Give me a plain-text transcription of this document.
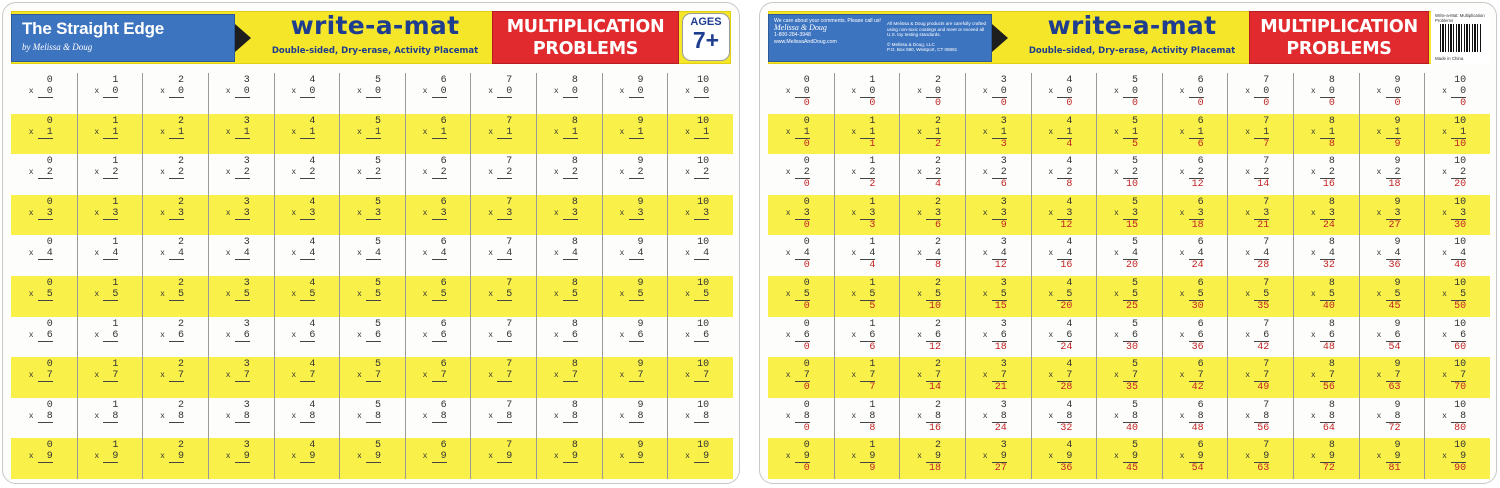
The Straight Edge
by Melissa & Doug
write-a-mat
Double-sided, Dry-erase, Activity Placemat
MULTIPLICATION
PROBLEMS
AGES
7+
0
x 0
1
x 0
2
x 0
3
x 0
4
x 0
5
x 0
6
x 0
7
x 0
8
x 0
9
x 0
10
x 0
0
x 1
1
x 1
2
x 1
3
x 1
4
x 1
5
x 1
6
x 1
7
x 1
8
x 1
9
x 1
10
x 1
0
x 2
1
x 2
2
x 2
3
x 2
4
x 2
5
x 2
6
x 2
7
x 2
8
x 2
9
x 2
10
x 2
0
x 3
1
x 3
2
x 3
3
x 3
4
x 3
5
x 3
6
x 3
7
x 3
8
x 3
9
x 3
10
x 3
0
x 4
1
x 4
2
x 4
3
x 4
4
x 4
5
x 4
6
x 4
7
x 4
8
x 4
9
x 4
10
x 4
0
x 5
1
x 5
2
x 5
3
x 5
4
x 5
5
x 5
6
x 5
7
x 5
8
x 5
9
x 5
10
x 5
0
x 6
1
x 6
2
x 6
3
x 6
4
x 6
5
x 6
6
x 6
7
x 6
8
x 6
9
x 6
10
x 6
0
x 7
1
x 7
2
x 7
3
x 7
4
x 7
5
x 7
6
x 7
7
x 7
8
x 7
9
x 7
10
x 7
0
x 8
1
x 8
2
x 8
3
x 8
4
x 8
5
x 8
6
x 8
7
x 8
8
x 8
9
x 8
10
x 8
0
x 9
1
x 9
2
x 9
3
x 9
4
x 9
5
x 9
6
x 9
7
x 9
8
x 9
9
x 9
10
x 9
We care about your comments. Please call us!
Melissa & Doug
1-800-284-3948
www.MelissaAndDoug.com
All Melissa & Doug products are carefully crafted using non-toxic coatings and meet or exceed all U.S. toy testing standards.
© Melissa & Doug, LLC
P.O. Box 590, Westport, CT 06881
write-a-mat
Double-sided, Dry-erase, Activity Placemat
MULTIPLICATION
PROBLEMS
Write-a-Mat: Multiplication Problems
Made in China
0
x 0
0
1
x 0
0
2
x 0
0
3
x 0
0
4
x 0
0
5
x 0
0
6
x 0
0
7
x 0
0
8
x 0
0
9
x 0
0
10
x 0
0
0
x 1
0
1
x 1
1
2
x 1
2
3
x 1
3
4
x 1
4
5
x 1
5
6
x 1
6
7
x 1
7
8
x 1
8
9
x 1
9
10
x 1
10
0
x 2
0
1
x 2
2
2
x 2
4
3
x 2
6
4
x 2
8
5
x 2
10
6
x 2
12
7
x 2
14
8
x 2
16
9
x 2
18
10
x 2
20
0
x 3
0
1
x 3
3
2
x 3
6
3
x 3
9
4
x 3
12
5
x 3
15
6
x 3
18
7
x 3
21
8
x 3
24
9
x 3
27
10
x 3
30
0
x 4
0
1
x 4
4
2
x 4
8
3
x 4
12
4
x 4
16
5
x 4
20
6
x 4
24
7
x 4
28
8
x 4
32
9
x 4
36
10
x 4
40
0
x 5
0
1
x 5
5
2
x 5
10
3
x 5
15
4
x 5
20
5
x 5
25
6
x 5
30
7
x 5
35
8
x 5
40
9
x 5
45
10
x 5
50
0
x 6
0
1
x 6
6
2
x 6
12
3
x 6
18
4
x 6
24
5
x 6
30
6
x 6
36
7
x 6
42
8
x 6
48
9
x 6
54
10
x 6
60
0
x 7
0
1
x 7
7
2
x 7
14
3
x 7
21
4
x 7
28
5
x 7
35
6
x 7
42
7
x 7
49
8
x 7
56
9
x 7
63
10
x 7
70
0
x 8
0
1
x 8
8
2
x 8
16
3
x 8
24
4
x 8
32
5
x 8
40
6
x 8
48
7
x 8
56
8
x 8
64
9
x 8
72
10
x 8
80
0
x 9
0
1
x 9
9
2
x 9
18
3
x 9
27
4
x 9
36
5
x 9
45
6
x 9
54
7
x 9
63
8
x 9
72
9
x 9
81
10
x 9
90
